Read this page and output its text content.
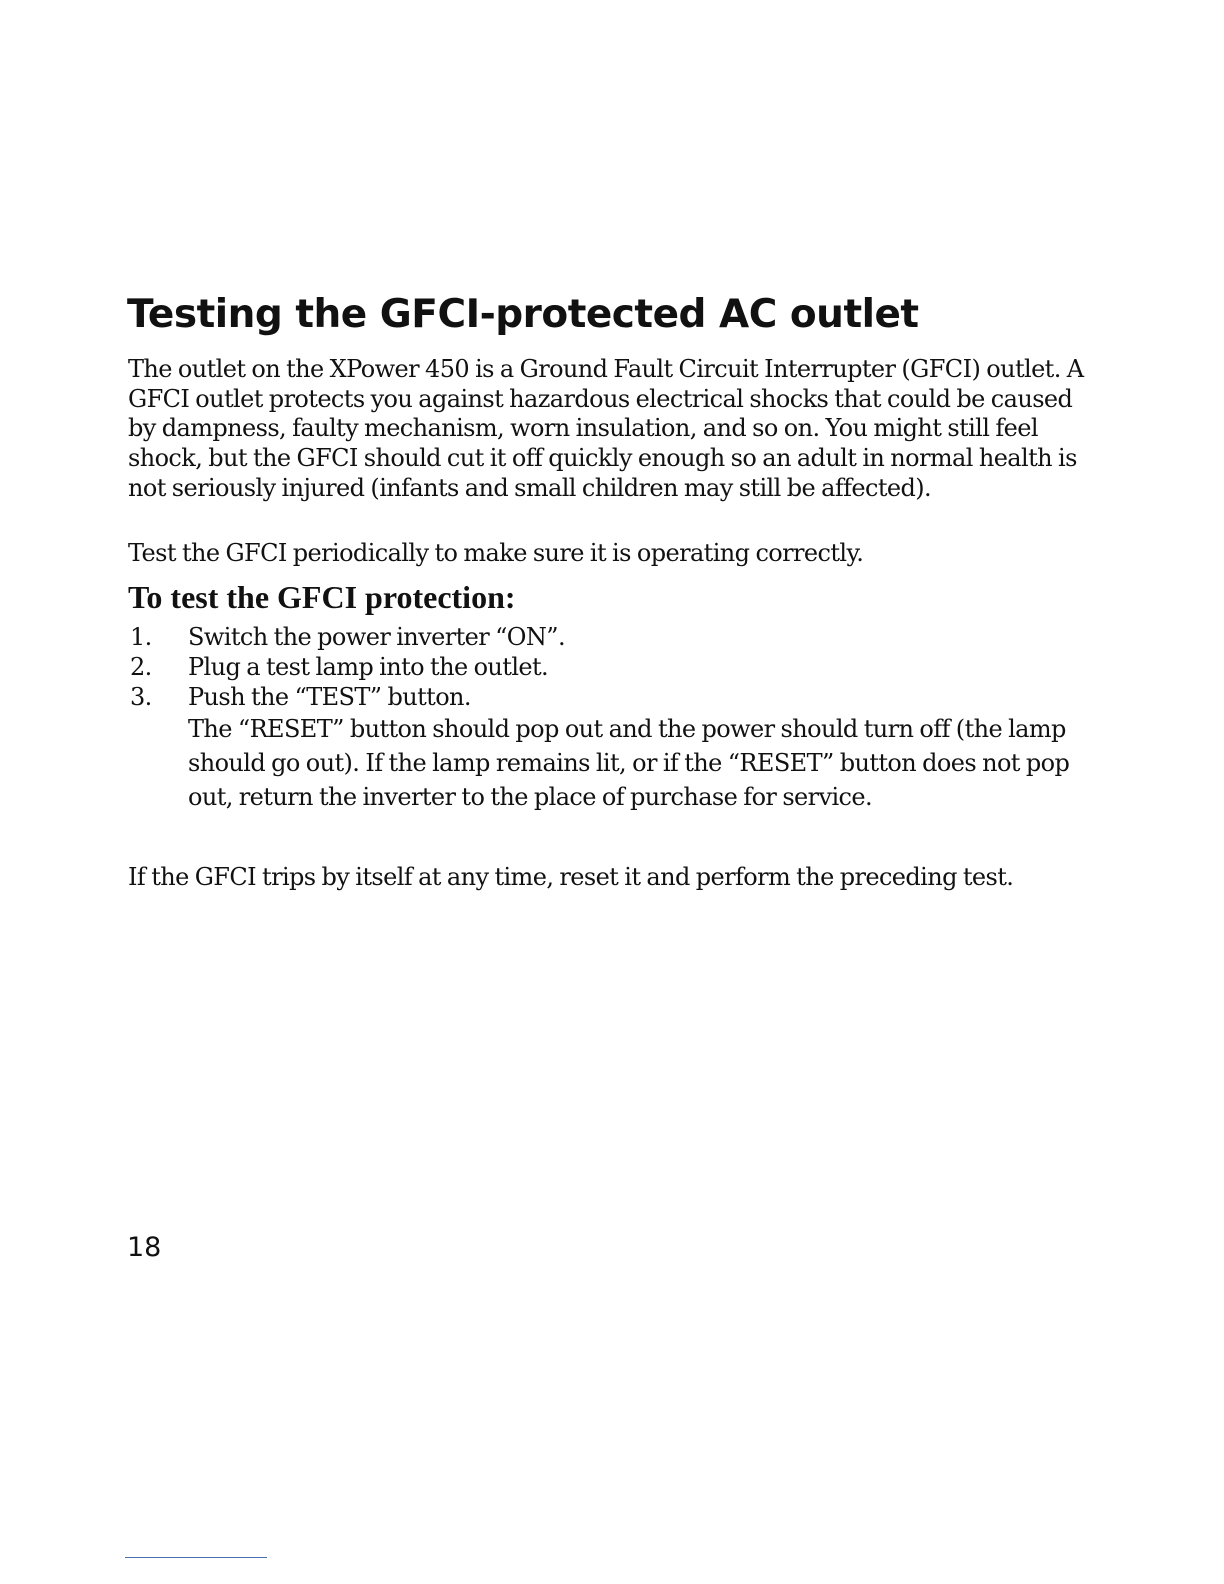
Testing the GFCI-protected AC outlet

The outlet on the XPower 450 is a Ground Fault Circuit Interrupter (GFCI) outlet. A GFCI outlet protects you against hazardous electrical shocks that could be caused by dampness, faulty mechanism, worn insulation, and so on. You might still feel shock, but the GFCI should cut it off quickly enough so an adult in normal health is not seriously injured (infants and small children may still be affected).

Test the GFCI periodically to make sure it is operating correctly.

To test the GFCI protection:
1. Switch the power inverter “ON”.
2. Plug a test lamp into the outlet.
3. Push the “TEST” button.
The “RESET” button should pop out and the power should turn off (the lamp should go out). If the lamp remains lit, or if the “RESET” button does not pop out, return the inverter to the place of purchase for service.

If the GFCI trips by itself at any time, reset it and perform the preceding test.

18
